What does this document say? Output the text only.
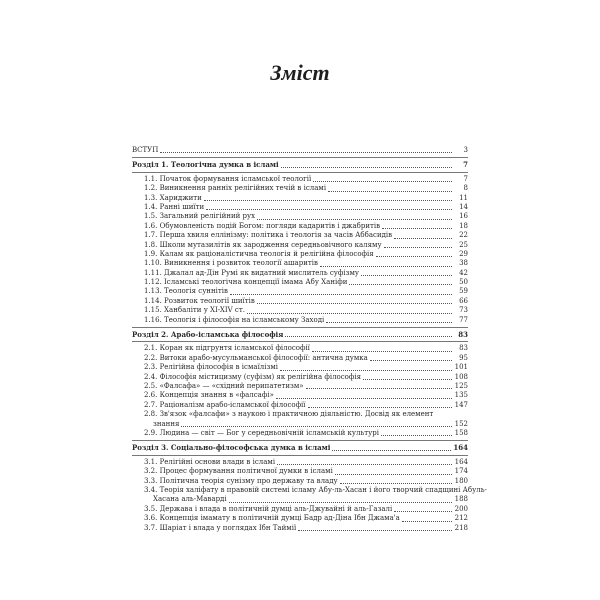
Зміст
ВСТУП	3
Розділ 1. Теологічна думка в ісламі	7
1.1. Початок формування ісламської теології	7
1.2. Виникнення ранніх релігійних течій в ісламі	8
1.3. Хариджити	11
1.4. Ранні шиїти	14
1.5. Загальний релігійний рух	16
1.6. Обумовленість подій Богом: погляди кадаритів і джабритів	18
1.7. Перша хвиля еллінізму: політика і теологія за часів Аббасидів	22
1.8. Школи мутазилітів як зародження середньовічного каляму	25
1.9. Калам як раціоналістична теологія й релігійна філософія	29
1.10. Виникнення і розвиток теології ашаритів	38
1.11. Джалал ад-Дін Румі як видатний мислитель суфізму	42
1.12. Ісламські теологічна концепції імама Абу Ханіфи	50
1.13. Теологія суннітів	59
1.14. Розвиток теології шиїтів	66
1.15. Ханбаліти у XI-XIV ст.	73
1.16. Теологія і філософія на ісламському Заході	77
Розділ 2. Арабо-ісламська філософія	83
2.1. Коран як підгрунтя ісламської філософії	83
2.2. Витоки арабо-мусульманської філософії: антична думка	95
2.3. Релігійна філософія в ісмаїлізмі	101
2.4. Філософія містицизму (суфізм) як релігійна філософія	108
2.5. «Фалсафа» — «східний перипатетизм»	125
2.6. Концепція знання в «фалсафі»	135
2.7. Раціоналізм арабо-ісламської філософії	147
2.8. Зв'язок «фалсафи» з наукою і практичною діяльністю. Досвід як елемент
знання	152
2.9. Людина — світ — Бог у середньовічній ісламській культурі	158
Розділ 3. Соціально-філософська думка в ісламі	164
3.1. Релігійні основи влади в ісламі	164
3.2. Процес формування політичної думки в ісламі	174
3.3. Політична теорія сунізму про державу та владу	180
3.4. Теорія халіфату в правовій системі ісламу Абу-ль-Хасан і його творчий спадщині Абуль-
Хасана аль-Маварді	188
3.5. Держава і влада в політичній думці аль-Джувайні й аль-Газалі	200
3.6. Концепція імамату в політичній думці Бадр ад-Діна Ібн Джама'а	212
3.7. Шаріат і влада у поглядах Ібн Таймії	218
